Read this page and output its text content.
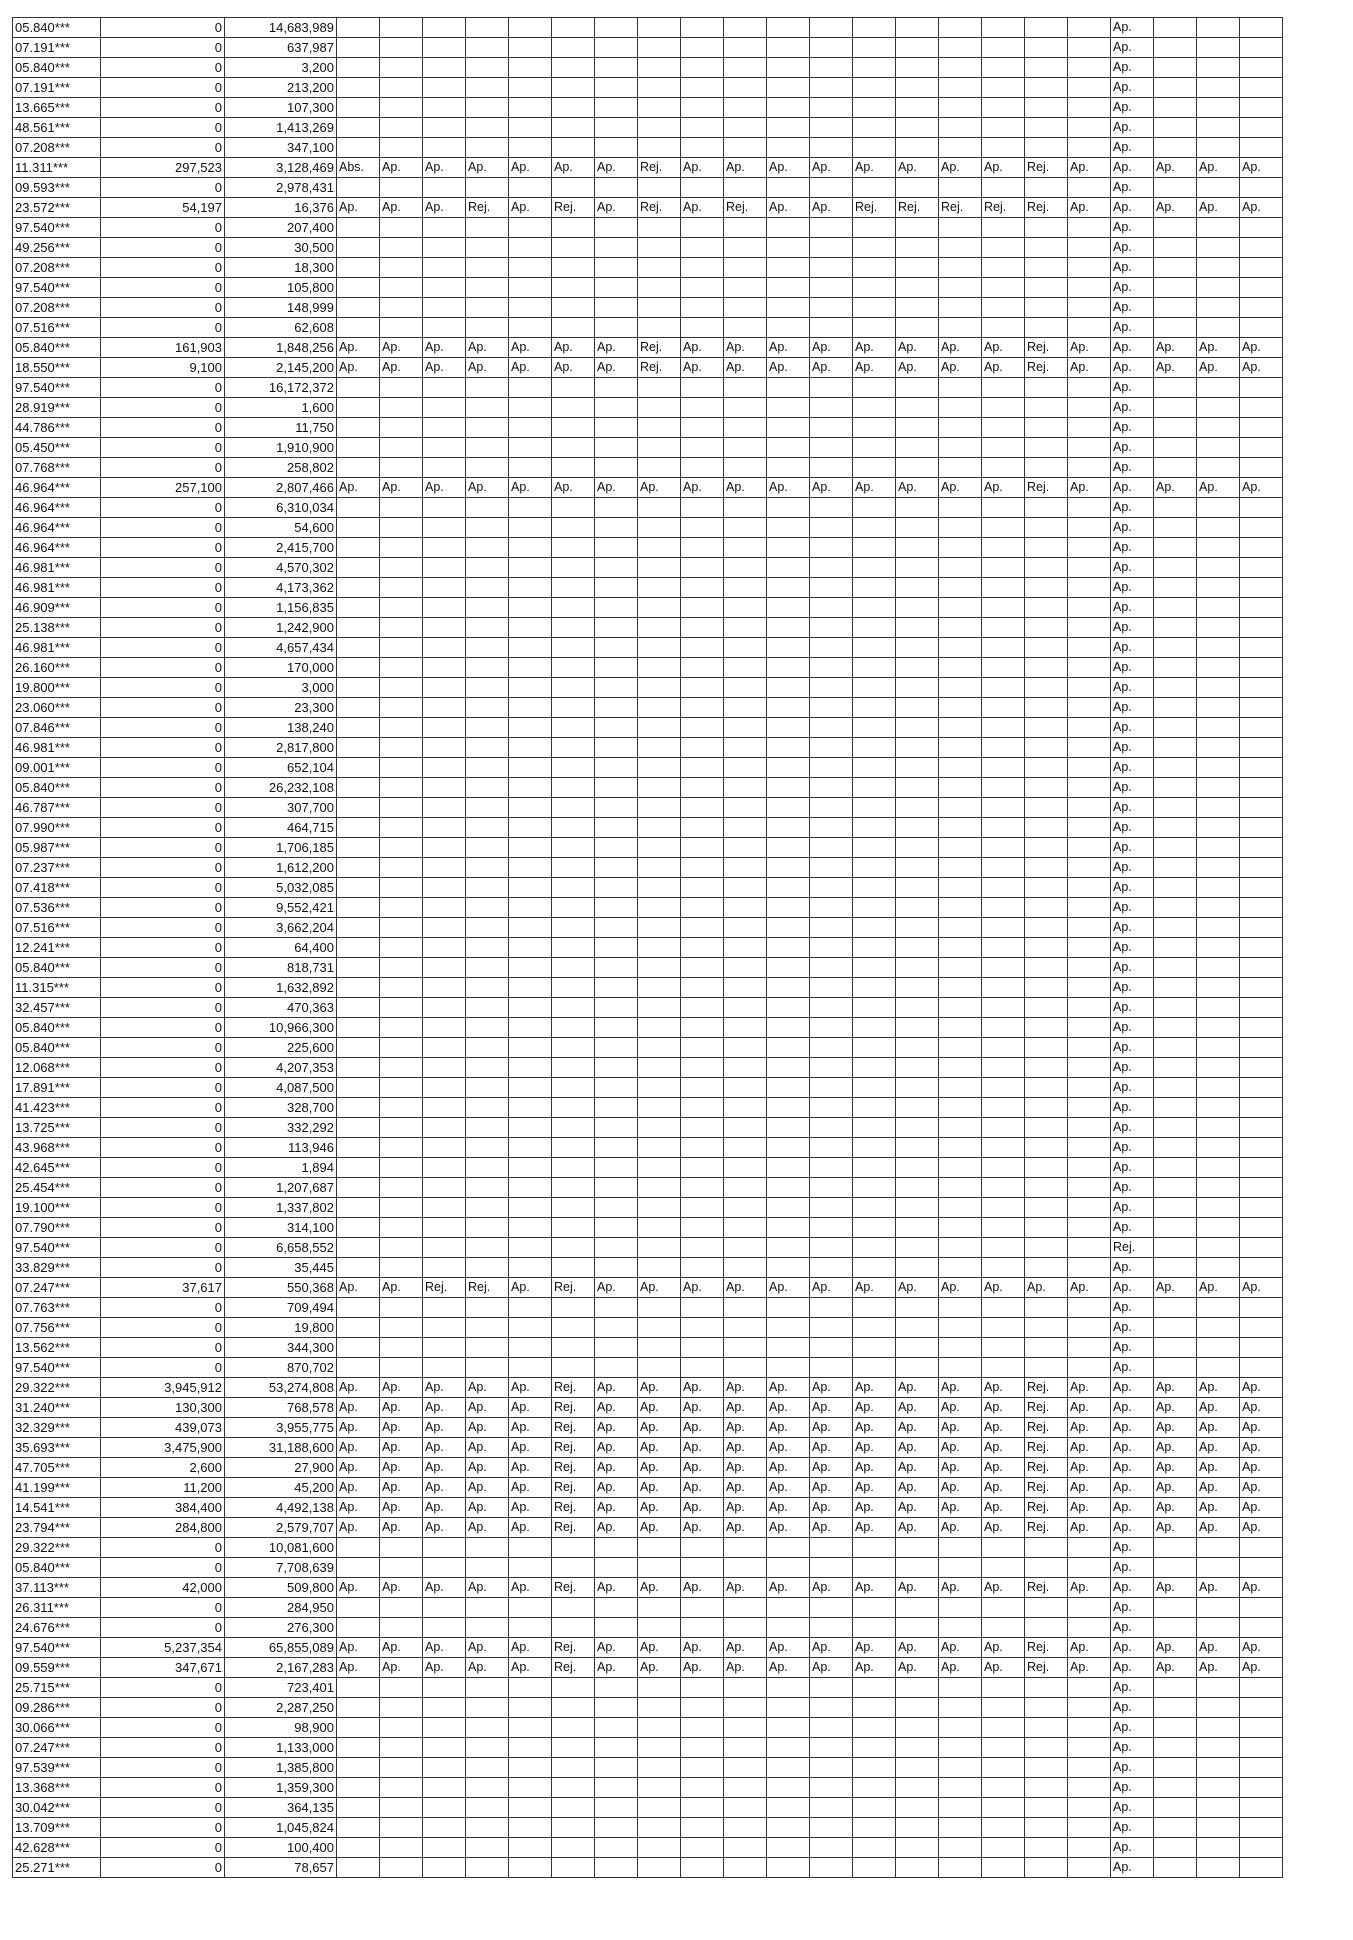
05.840***	0	14,683,989																			Ap.			
07.191***	0	637,987																			Ap.			
05.840***	0	3,200																			Ap.			
07.191***	0	213,200																			Ap.			
13.665***	0	107,300																			Ap.			
48.561***	0	1,413,269																			Ap.			
07.208***	0	347,100																			Ap.			
11.311***	297,523	3,128,469	Abs.	Ap.	Ap.	Ap.	Ap.	Ap.	Ap.	Rej.	Ap.	Ap.	Ap.	Ap.	Ap.	Ap.	Ap.	Ap.	Rej.	Ap.	Ap.	Ap.	Ap.	Ap.
09.593***	0	2,978,431																			Ap.			
23.572***	54,197	16,376	Ap.	Ap.	Ap.	Rej.	Ap.	Rej.	Ap.	Rej.	Ap.	Rej.	Ap.	Ap.	Rej.	Rej.	Rej.	Rej.	Rej.	Ap.	Ap.	Ap.	Ap.	Ap.
97.540***	0	207,400																			Ap.			
49.256***	0	30,500																			Ap.			
07.208***	0	18,300																			Ap.			
97.540***	0	105,800																			Ap.			
07.208***	0	148,999																			Ap.			
07.516***	0	62,608																			Ap.			
05.840***	161,903	1,848,256	Ap.	Ap.	Ap.	Ap.	Ap.	Ap.	Ap.	Rej.	Ap.	Ap.	Ap.	Ap.	Ap.	Ap.	Ap.	Ap.	Rej.	Ap.	Ap.	Ap.	Ap.	Ap.
18.550***	9,100	2,145,200	Ap.	Ap.	Ap.	Ap.	Ap.	Ap.	Ap.	Rej.	Ap.	Ap.	Ap.	Ap.	Ap.	Ap.	Ap.	Ap.	Rej.	Ap.	Ap.	Ap.	Ap.	Ap.
97.540***	0	16,172,372																			Ap.			
28.919***	0	1,600																			Ap.			
44.786***	0	11,750																			Ap.			
05.450***	0	1,910,900																			Ap.			
07.768***	0	258,802																			Ap.			
46.964***	257,100	2,807,466	Ap.	Ap.	Ap.	Ap.	Ap.	Ap.	Ap.	Ap.	Ap.	Ap.	Ap.	Ap.	Ap.	Ap.	Ap.	Ap.	Rej.	Ap.	Ap.	Ap.	Ap.	Ap.
46.964***	0	6,310,034																			Ap.			
46.964***	0	54,600																			Ap.			
46.964***	0	2,415,700																			Ap.			
46.981***	0	4,570,302																			Ap.			
46.981***	0	4,173,362																			Ap.			
46.909***	0	1,156,835																			Ap.			
25.138***	0	1,242,900																			Ap.			
46.981***	0	4,657,434																			Ap.			
26.160***	0	170,000																			Ap.			
19.800***	0	3,000																			Ap.			
23.060***	0	23,300																			Ap.			
07.846***	0	138,240																			Ap.			
46.981***	0	2,817,800																			Ap.			
09.001***	0	652,104																			Ap.			
05.840***	0	26,232,108																			Ap.			
46.787***	0	307,700																			Ap.			
07.990***	0	464,715																			Ap.			
05.987***	0	1,706,185																			Ap.			
07.237***	0	1,612,200																			Ap.			
07.418***	0	5,032,085																			Ap.			
07.536***	0	9,552,421																			Ap.			
07.516***	0	3,662,204																			Ap.			
12.241***	0	64,400																			Ap.			
05.840***	0	818,731																			Ap.			
11.315***	0	1,632,892																			Ap.			
32.457***	0	470,363																			Ap.			
05.840***	0	10,966,300																			Ap.			
05.840***	0	225,600																			Ap.			
12.068***	0	4,207,353																			Ap.			
17.891***	0	4,087,500																			Ap.			
41.423***	0	328,700																			Ap.			
13.725***	0	332,292																			Ap.			
43.968***	0	113,946																			Ap.			
42.645***	0	1,894																			Ap.			
25.454***	0	1,207,687																			Ap.			
19.100***	0	1,337,802																			Ap.			
07.790***	0	314,100																			Ap.			
97.540***	0	6,658,552																			Rej.			
33.829***	0	35,445																			Ap.			
07.247***	37,617	550,368	Ap.	Ap.	Rej.	Rej.	Ap.	Rej.	Ap.	Ap.	Ap.	Ap.	Ap.	Ap.	Ap.	Ap.	Ap.	Ap.	Ap.	Ap.	Ap.	Ap.	Ap.	Ap.
07.763***	0	709,494																			Ap.			
07.756***	0	19,800																			Ap.			
13.562***	0	344,300																			Ap.			
97.540***	0	870,702																			Ap.			
29.322***	3,945,912	53,274,808	Ap.	Ap.	Ap.	Ap.	Ap.	Rej.	Ap.	Ap.	Ap.	Ap.	Ap.	Ap.	Ap.	Ap.	Ap.	Ap.	Rej.	Ap.	Ap.	Ap.	Ap.	Ap.
31.240***	130,300	768,578	Ap.	Ap.	Ap.	Ap.	Ap.	Rej.	Ap.	Ap.	Ap.	Ap.	Ap.	Ap.	Ap.	Ap.	Ap.	Ap.	Rej.	Ap.	Ap.	Ap.	Ap.	Ap.
32.329***	439,073	3,955,775	Ap.	Ap.	Ap.	Ap.	Ap.	Rej.	Ap.	Ap.	Ap.	Ap.	Ap.	Ap.	Ap.	Ap.	Ap.	Ap.	Rej.	Ap.	Ap.	Ap.	Ap.	Ap.
35.693***	3,475,900	31,188,600	Ap.	Ap.	Ap.	Ap.	Ap.	Rej.	Ap.	Ap.	Ap.	Ap.	Ap.	Ap.	Ap.	Ap.	Ap.	Ap.	Rej.	Ap.	Ap.	Ap.	Ap.	Ap.
47.705***	2,600	27,900	Ap.	Ap.	Ap.	Ap.	Ap.	Rej.	Ap.	Ap.	Ap.	Ap.	Ap.	Ap.	Ap.	Ap.	Ap.	Ap.	Rej.	Ap.	Ap.	Ap.	Ap.	Ap.
41.199***	11,200	45,200	Ap.	Ap.	Ap.	Ap.	Ap.	Rej.	Ap.	Ap.	Ap.	Ap.	Ap.	Ap.	Ap.	Ap.	Ap.	Ap.	Rej.	Ap.	Ap.	Ap.	Ap.	Ap.
14.541***	384,400	4,492,138	Ap.	Ap.	Ap.	Ap.	Ap.	Rej.	Ap.	Ap.	Ap.	Ap.	Ap.	Ap.	Ap.	Ap.	Ap.	Ap.	Rej.	Ap.	Ap.	Ap.	Ap.	Ap.
23.794***	284,800	2,579,707	Ap.	Ap.	Ap.	Ap.	Ap.	Rej.	Ap.	Ap.	Ap.	Ap.	Ap.	Ap.	Ap.	Ap.	Ap.	Ap.	Rej.	Ap.	Ap.	Ap.	Ap.	Ap.
29.322***	0	10,081,600																			Ap.			
05.840***	0	7,708,639																			Ap.			
37.113***	42,000	509,800	Ap.	Ap.	Ap.	Ap.	Ap.	Rej.	Ap.	Ap.	Ap.	Ap.	Ap.	Ap.	Ap.	Ap.	Ap.	Ap.	Rej.	Ap.	Ap.	Ap.	Ap.	Ap.
26.311***	0	284,950																			Ap.			
24.676***	0	276,300																			Ap.			
97.540***	5,237,354	65,855,089	Ap.	Ap.	Ap.	Ap.	Ap.	Rej.	Ap.	Ap.	Ap.	Ap.	Ap.	Ap.	Ap.	Ap.	Ap.	Ap.	Rej.	Ap.	Ap.	Ap.	Ap.	Ap.
09.559***	347,671	2,167,283	Ap.	Ap.	Ap.	Ap.	Ap.	Rej.	Ap.	Ap.	Ap.	Ap.	Ap.	Ap.	Ap.	Ap.	Ap.	Ap.	Rej.	Ap.	Ap.	Ap.	Ap.	Ap.
25.715***	0	723,401																			Ap.			
09.286***	0	2,287,250																			Ap.			
30.066***	0	98,900																			Ap.			
07.247***	0	1,133,000																			Ap.			
97.539***	0	1,385,800																			Ap.			
13.368***	0	1,359,300																			Ap.			
30.042***	0	364,135																			Ap.			
13.709***	0	1,045,824																			Ap.			
42.628***	0	100,400																			Ap.			
25.271***	0	78,657																			Ap.			
